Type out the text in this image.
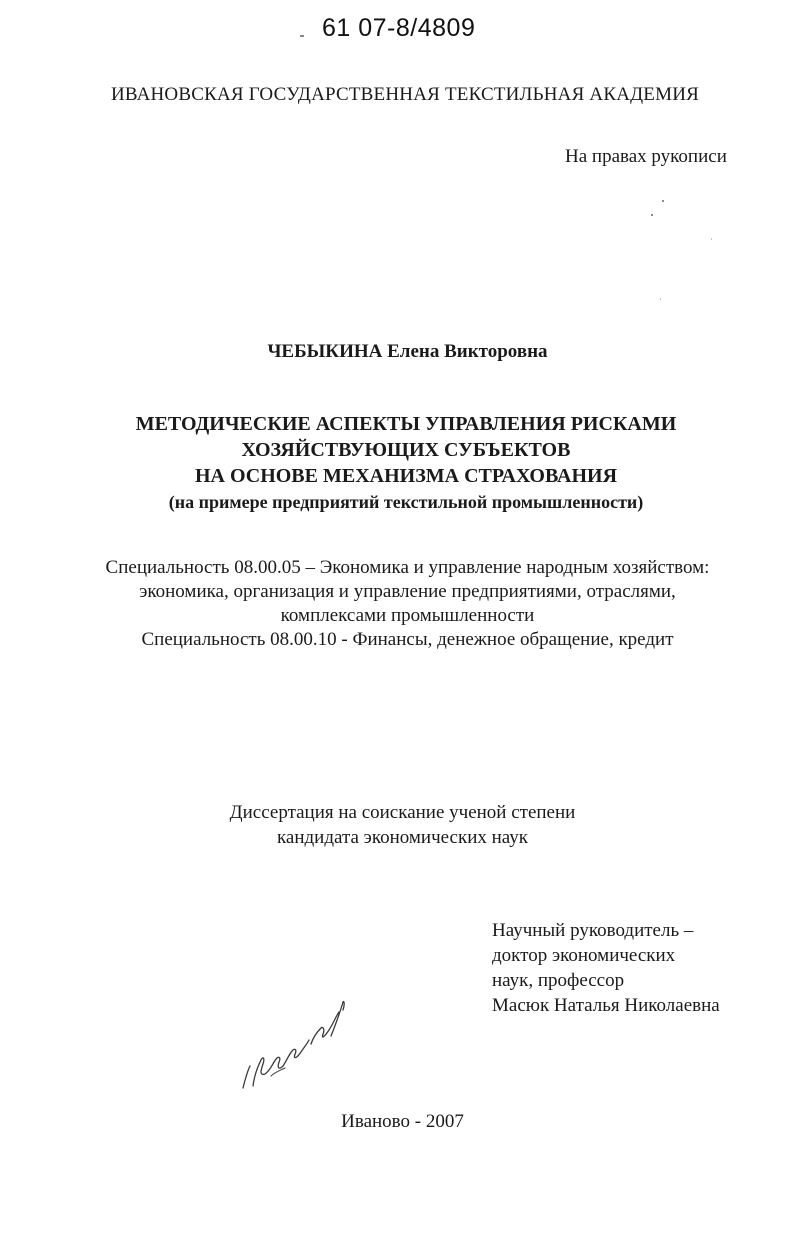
61 07-8/4809
ИВАНОВСКАЯ ГОСУДАРСТВЕННАЯ ТЕКСТИЛЬНАЯ АКАДЕМИЯ
На правах рукописи
ЧЕБЫКИНА Елена Викторовна
МЕТОДИЧЕСКИЕ АСПЕКТЫ УПРАВЛЕНИЯ РИСКАМИ
ХОЗЯЙСТВУЮЩИХ СУБЪЕКТОВ
НА ОСНОВЕ МЕХАНИЗМА СТРАХОВАНИЯ
(на примере предприятий текстильной промышленности)
Специальность 08.00.05 – Экономика и управление народным хозяйством:
экономика, организация и управление предприятиями, отраслями,
комплексами промышленности
Специальность 08.00.10 - Финансы, денежное обращение, кредит
Диссертация на соискание ученой степени
кандидата экономических наук
Научный руководитель –
доктор экономических
наук, профессор
Масюк Наталья Николаевна
Иваново - 2007
